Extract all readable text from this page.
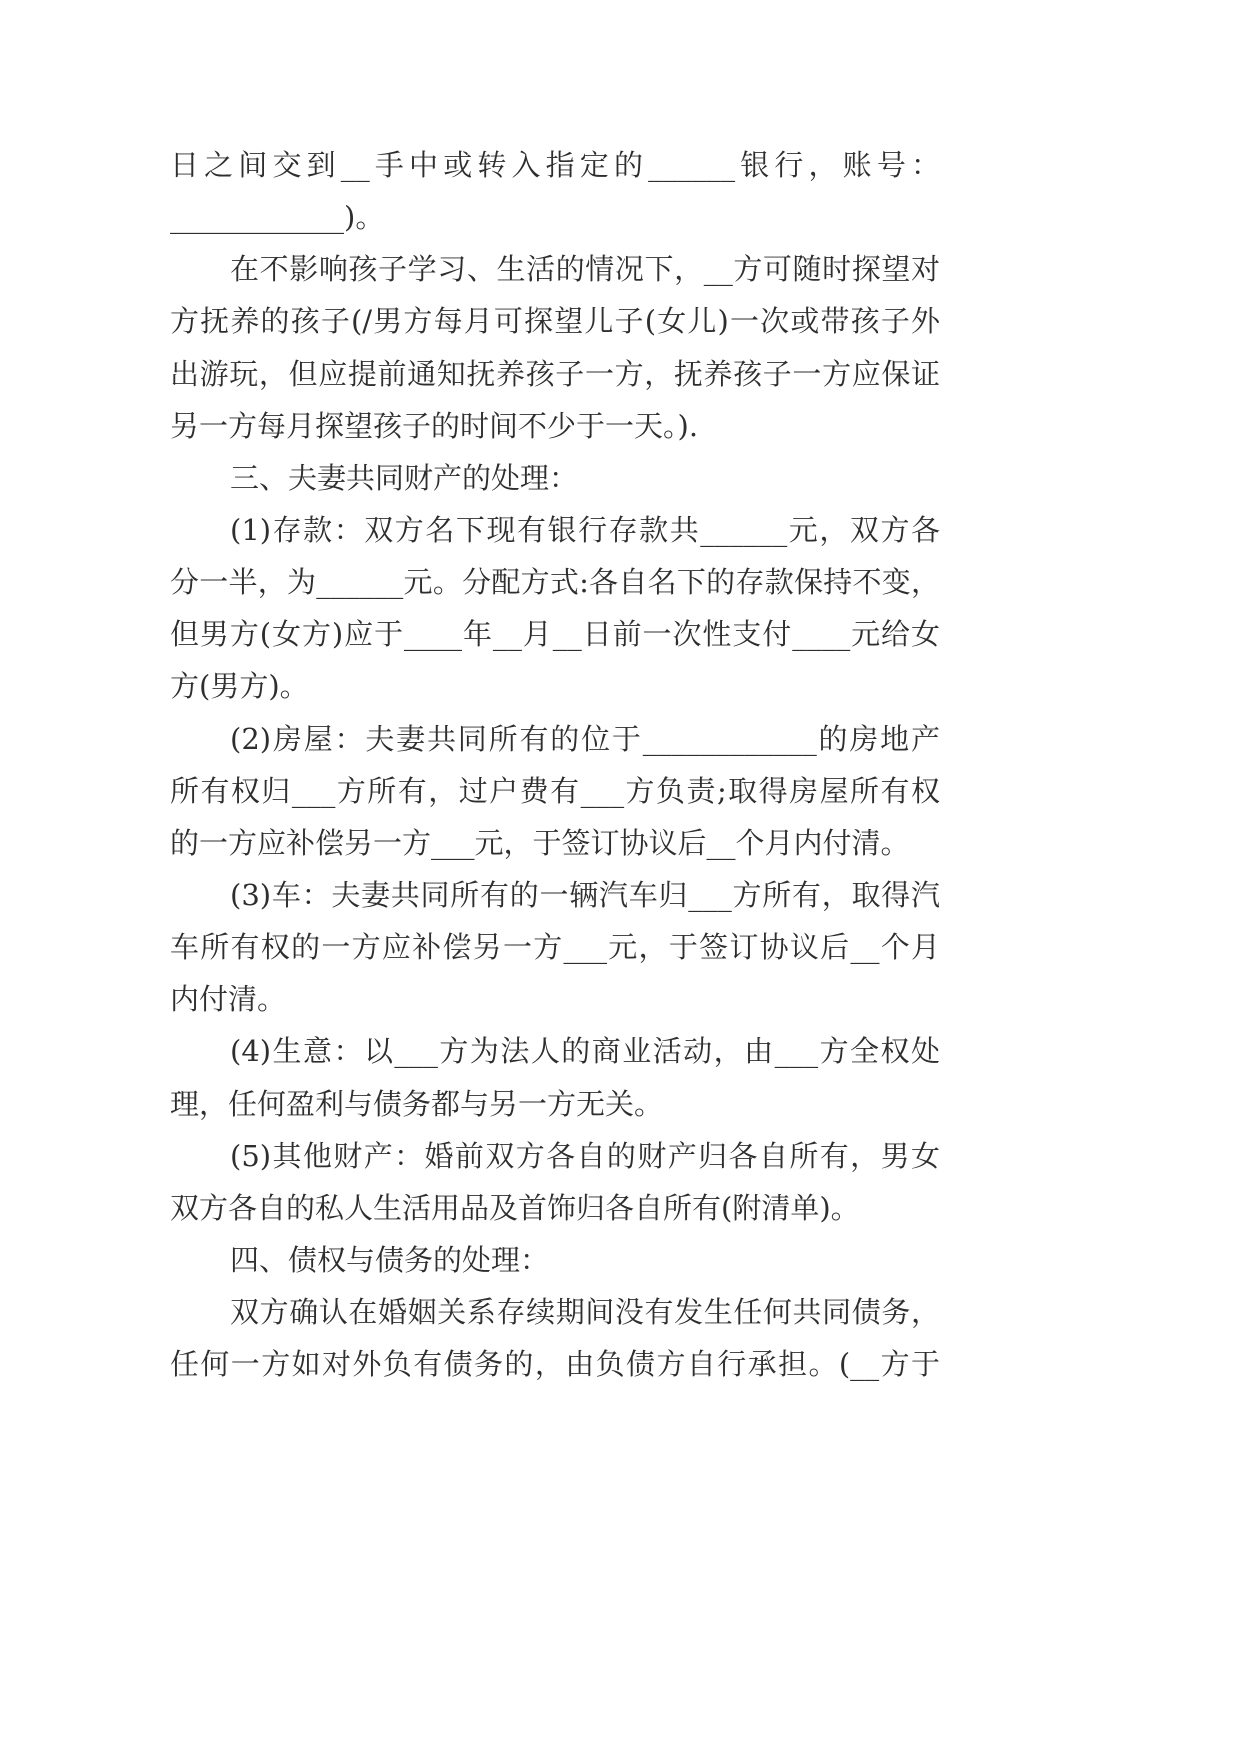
日之间交到__手中或转入指定的______银行，账号：
____________)。
在不影响孩子学习、生活的情况下，__方可随时探望对
方抚养的孩子(/男方每月可探望儿子(女儿)一次或带孩子外
出游玩，但应提前通知抚养孩子一方，抚养孩子一方应保证
另一方每月探望孩子的时间不少于一天。).
三、夫妻共同财产的处理：
(1)存款：双方名下现有银行存款共______元，双方各
分一半，为______元。分配方式:各自名下的存款保持不变，
但男方(女方)应于____年__月__日前一次性支付____元给女
方(男方)。
(2)房屋：夫妻共同所有的位于____________的房地产
所有权归___方所有，过户费有___方负责;取得房屋所有权
的一方应补偿另一方___元，于签订协议后__个月内付清。
(3)车：夫妻共同所有的一辆汽车归___方所有，取得汽
车所有权的一方应补偿另一方___元，于签订协议后__个月
内付清。
(4)生意：以___方为法人的商业活动，由___方全权处
理，任何盈利与债务都与另一方无关。
(5)其他财产：婚前双方各自的财产归各自所有，男女
双方各自的私人生活用品及首饰归各自所有(附清单)。
四、债权与债务的处理：
双方确认在婚姻关系存续期间没有发生任何共同债务，
任何一方如对外负有债务的，由负债方自行承担。(__方于
